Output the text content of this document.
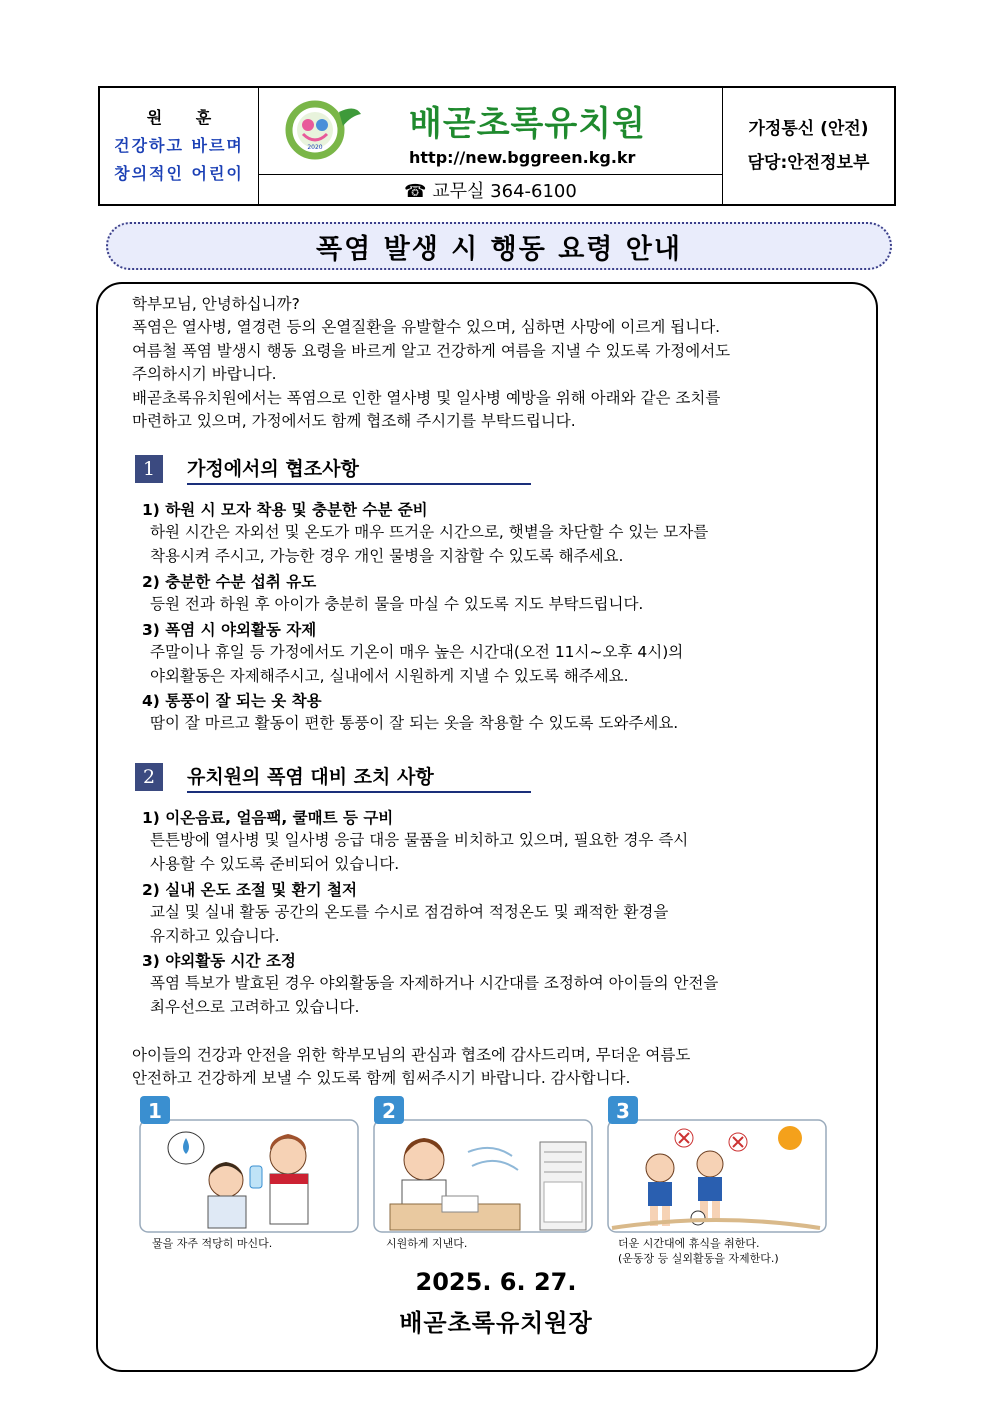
원 훈
건강하고 바르며
창의적인 어린이
2020
배곧초록유치원
http://new.bggreen.kg.kr
☎ 교무실 364-6100
가정통신 (안전)
담당:안전정보부
폭염 발생 시 행동 요령 안내

학부모님, 안녕하십니까?

폭염은 열사병, 열경련 등의 온열질환을 유발할수 있으며, 심하면 사망에 이르게 됩니다.

여름철 폭염 발생시 행동 요령을 바르게 알고 건강하게 여름을 지낼 수 있도록 가정에서도

주의하시기 바랍니다.

배곧초록유치원에서는 폭염으로 인한 열사병 및 일사병 예방을 위해 아래와 같은 조치를

마련하고 있으며, 가정에서도 함께 협조해 주시기를 부탁드립니다.

1	가정에서의 협조사항
1) 하원 시 모자 착용 및 충분한 수분 준비

하원 시간은 자외선 및 온도가 매우 뜨거운 시간으로, 햇볕을 차단할 수 있는 모자를

착용시켜 주시고, 가능한 경우 개인 물병을 지참할 수 있도록 해주세요.

2) 충분한 수분 섭취 유도

등원 전과 하원 후 아이가 충분히 물을 마실 수 있도록 지도 부탁드립니다.

3) 폭염 시 야외활동 자제

주말이나 휴일 등 가정에서도 기온이 매우 높은 시간대(오전 11시~오후 4시)의

야외활동은 자제해주시고, 실내에서 시원하게 지낼 수 있도록 해주세요.

4) 통풍이 잘 되는 옷 착용

땀이 잘 마르고 활동이 편한 통풍이 잘 되는 옷을 착용할 수 있도록 도와주세요.

2	유치원의 폭염 대비 조치 사항
1) 이온음료, 얼음팩, 쿨매트 등 구비

튼튼방에 열사병 및 일사병 응급 대응 물품을 비치하고 있으며, 필요한 경우 즉시

사용할 수 있도록 준비되어 있습니다.

2) 실내 온도 조절 및 환기 철저

교실 및 실내 활동 공간의 온도를 수시로 점검하여 적정온도 및 쾌적한 환경을

유지하고 있습니다.

3) 야외활동 시간 조정

폭염 특보가 발효된 경우 야외활동을 자제하거나 시간대를 조정하여 아이들의 안전을

최우선으로 고려하고 있습니다.

아이들의 건강과 안전을 위한 학부모님의 관심과 협조에 감사드리며, 무더운 여름도

안전하고 건강하게 보낼 수 있도록 함께 힘써주시기 바랍니다. 감사합니다.

1
물을 자주 적당히 마신다.
2
시원하게 지낸다.
3
더운 시간대에 휴식을 취한다.
(운동장 등 실외활동을 자제한다.)
2025. 6. 27.
배곧초록유치원장
